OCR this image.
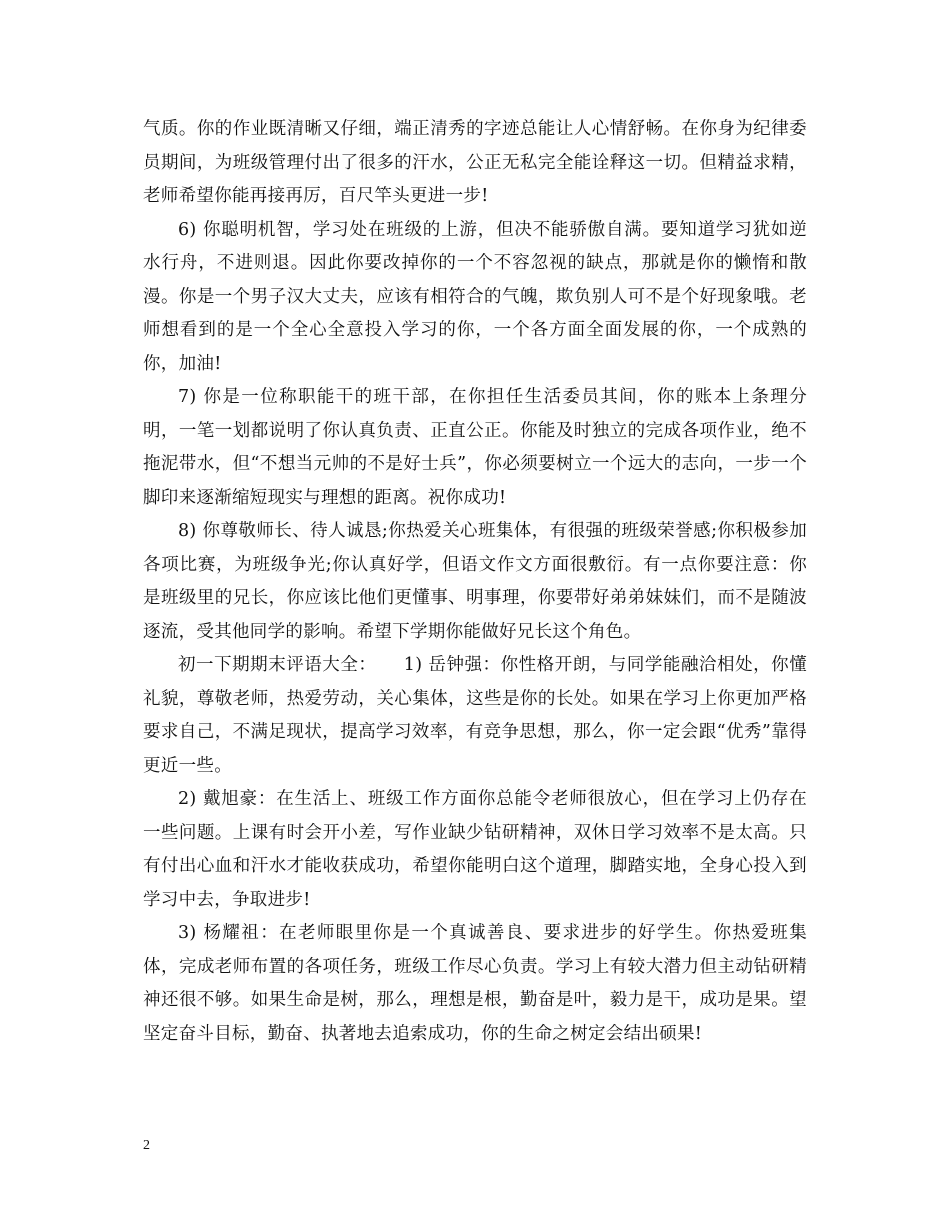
气质。你的作业既清晰又仔细，端正清秀的字迹总能让人心情舒畅。在你身为纪律委员期间，为班级管理付出了很多的汗水，公正无私完全能诠释这一切。但精益求精，老师希望你能再接再厉，百尺竿头更进一步!

6) 你聪明机智，学习处在班级的上游，但决不能骄傲自满。要知道学习犹如逆水行舟，不进则退。因此你要改掉你的一个不容忽视的缺点，那就是你的懒惰和散漫。你是一个男子汉大丈夫，应该有相符合的气魄，欺负别人可不是个好现象哦。老师想看到的是一个全心全意投入学习的你，一个各方面全面发展的你，一个成熟的你，加油!

7) 你是一位称职能干的班干部，在你担任生活委员其间，你的账本上条理分明，一笔一划都说明了你认真负责、正直公正。你能及时独立的完成各项作业，绝不拖泥带水，但“不想当元帅的不是好士兵”，你必须要树立一个远大的志向，一步一个脚印来逐渐缩短现实与理想的距离。祝你成功!

8) 你尊敬师长、待人诚恳;你热爱关心班集体，有很强的班级荣誉感;你积极参加各项比赛，为班级争光;你认真好学，但语文作文方面很敷衍。有一点你要注意：你是班级里的兄长，你应该比他们更懂事、明事理，你要带好弟弟妹妹们，而不是随波逐流，受其他同学的影响。希望下学期你能做好兄长这个角色。

初一下期期末评语大全：　　1) 岳钟强：你性格开朗，与同学能融洽相处，你懂礼貌，尊敬老师，热爱劳动，关心集体，这些是你的长处。如果在学习上你更加严格要求自己，不满足现状，提高学习效率，有竞争思想，那么，你一定会跟“优秀”靠得更近一些。

2) 戴旭豪：在生活上、班级工作方面你总能令老师很放心，但在学习上仍存在一些问题。上课有时会开小差，写作业缺少钻研精神，双休日学习效率不是太高。只有付出心血和汗水才能收获成功，希望你能明白这个道理，脚踏实地，全身心投入到学习中去，争取进步!

3) 杨耀祖：在老师眼里你是一个真诚善良、要求进步的好学生。你热爱班集体，完成老师布置的各项任务，班级工作尽心负责。学习上有较大潜力但主动钻研精神还很不够。如果生命是树，那么，理想是根，勤奋是叶，毅力是干，成功是果。望坚定奋斗目标，勤奋、执著地去追索成功，你的生命之树定会结出硕果!

2
